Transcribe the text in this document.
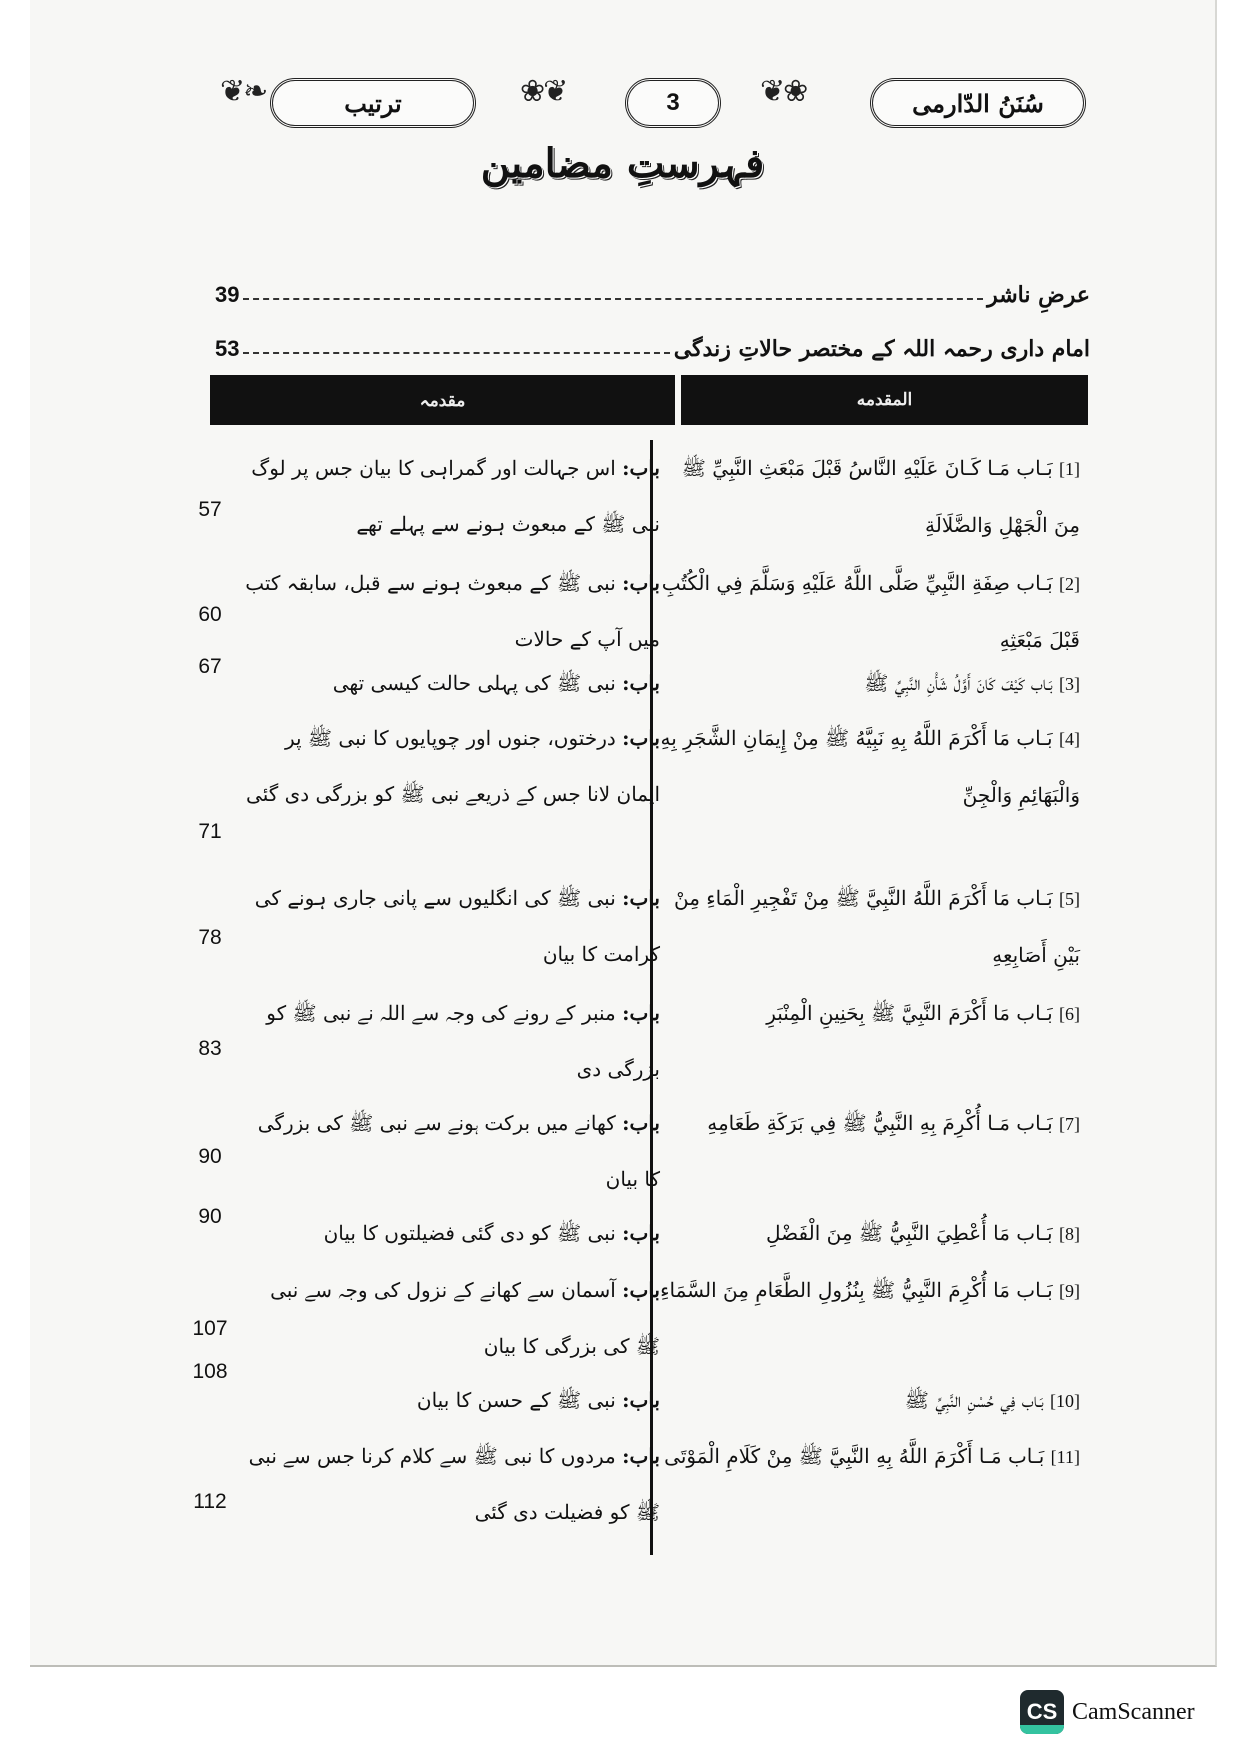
❦❧	ترتیب	❀❦	3	❦❀	سُنَنُ الدّارمی
فہرستِ مضامین
عرضِ ناشر
39
امام داری رحمہ اللہ کے مختصر حالاتِ زندگی
53
مقدمہ	المقدمه
[1] بَـاب مَـا كَـانَ عَلَيْهِ النَّاسُ قَبْلَ مَبْعَثِ النَّبِيِّ ﷺ مِنَ الْجَهْلِ وَالضَّلَالَةِ
باب: اس جہالت اور گمراہی کا بیان جس پر لوگ نبی ﷺ کے مبعوث ہونے سے پہلے تھے
57
[2] بَـاب صِفَةِ النَّبِيِّ صَلَّى اللَّهُ عَلَيْهِ وَسَلَّمَ فِي الْكُتُبِ قَبْلَ مَبْعَثِهِ
باب: نبی ﷺ کے مبعوث ہونے سے قبل، سابقہ کتب میں آپ کے حالات
60
[3] بَـاب كَيْفَ كَانَ أَوَّلُ شَأْنِ النَّبِيِّ ﷺ
باب: نبی ﷺ کی پہلی حالت کیسی تھی
67
[4] بَـاب مَا أَكْرَمَ اللَّهُ بِهِ نَبِيَّهُ ﷺ مِنْ إِيمَانِ الشَّجَرِ بِهِ وَالْبَهَائِمِ وَالْجِنِّ
باب: درختوں، جنوں اور چوپایوں کا نبی ﷺ پر ایمان لانا جس کے ذریعے نبی ﷺ کو بزرگی دی گئی
71
[5] بَـاب مَا أَكْرَمَ اللَّهُ النَّبِيَّ ﷺ مِنْ تَفْجِيرِ الْمَاءِ مِنْ بَيْنِ أَصَابِعِهِ
باب: نبی ﷺ کی انگلیوں سے پانی جاری ہونے کی کرامت کا بیان
78
[6] بَـاب مَا أَكْرَمَ النَّبِيَّ ﷺ بِحَنِينِ الْمِنْبَرِ
باب: منبر کے رونے کی وجہ سے اللہ نے نبی ﷺ کو بزرگی دی
83
[7] بَـاب مَـا أُكْرِمَ بِهِ النَّبِيُّ ﷺ فِي بَرَكَةِ طَعَامِهِ
باب: کھانے میں برکت ہونے سے نبی ﷺ کی بزرگی کا بیان
90
[8] بَـاب مَا أُعْطِيَ النَّبِيُّ ﷺ مِنَ الْفَضْلِ
باب: نبی ﷺ کو دی گئی فضیلتوں کا بیان
90
[9] بَـاب مَا أُكْرِمَ النَّبِيُّ ﷺ بِنُزُولِ الطَّعَامِ مِنَ السَّمَاءِ
باب: آسمان سے کھانے کے نزول کی وجہ سے نبی ﷺ کی بزرگی کا بیان
107
[10] بَـاب فِي حُسْنِ النَّبِيِّ ﷺ
باب: نبی ﷺ کے حسن کا بیان
108
[11] بَـاب مَـا أَكْرَمَ اللَّهُ بِهِ النَّبِيَّ ﷺ مِنْ كَلَامِ الْمَوْتَى
باب: مردوں کا نبی ﷺ سے کلام کرنا جس سے نبی ﷺ کو فضیلت دی گئی
112
CS CamScanner
